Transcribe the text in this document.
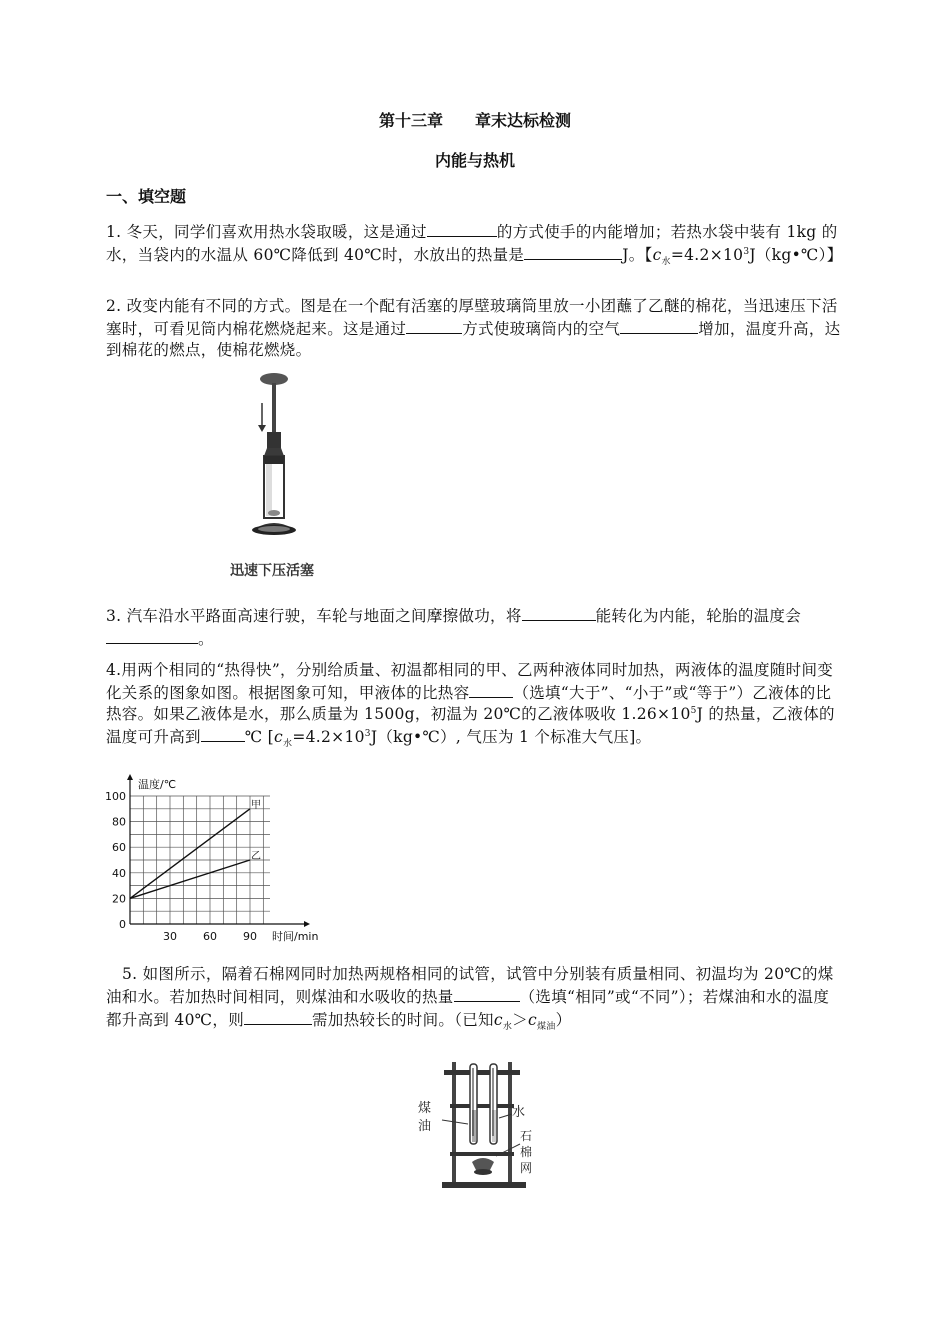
第十三章 章末达标检测
内能与热机
一、填空题
1. 冬天，同学们喜欢用热水袋取暖，这是通过	的方式使手的内能增加；若热水袋中装有 1kg 的水，当袋内的水温从 60℃降低到 40℃时，水放出的热量是	J。【$c_水=4.2\times 10^3J(kg•℃)$】
2. 改变内能有不同的方式。图是在一个配有活塞的厚壁玻璃筒里放一小团蘸了乙醚的棉花，当迅速压下活塞时，可看见筒内棉花燃烧起来。这是通过	方式使玻璃筒内的空气	增加，温度升高，达到棉花的燃点，使棉花燃烧。
迅速下压活塞
3. 汽车沿水平路面高速行驶，车轮与地面之间摩擦做功，将	能转化为内能，轮胎的温度会。
4.用两个相同的“热得快”，分别给质量、初温都相同的甲、乙两种液体同时加热，两液体的温度随时间变化关系的图象如图。根据图象可知，甲液体的比热容	（选填“大于”、“小于”或“等于”）乙液体的比热容。如果乙液体是水，那么质量为 1500g，初温为 20℃的乙液体吸收 $1.26\times 10^5J$ 的热量，乙液体的温度可升高到	℃ [$c_水=4.2\times 10^3J(kg•℃)$, 气压为 1 个标准大气压]。
0
20
40
60
80
100
30 60 90
温度/℃
时间/min
甲
乙
5. 如图所示，隔着石棉网同时加热两规格相同的试管，试管中分别装有质量相同、初温均为 20℃的煤油和水。若加热时间相同，则煤油和水吸收的热量	（选填“相同”或“不同”）；若煤油和水的温度都升高到 40℃，则	需加热较长的时间。（已知$c_水>c_{煤油}$）
煤
油
水
石
棉
网
